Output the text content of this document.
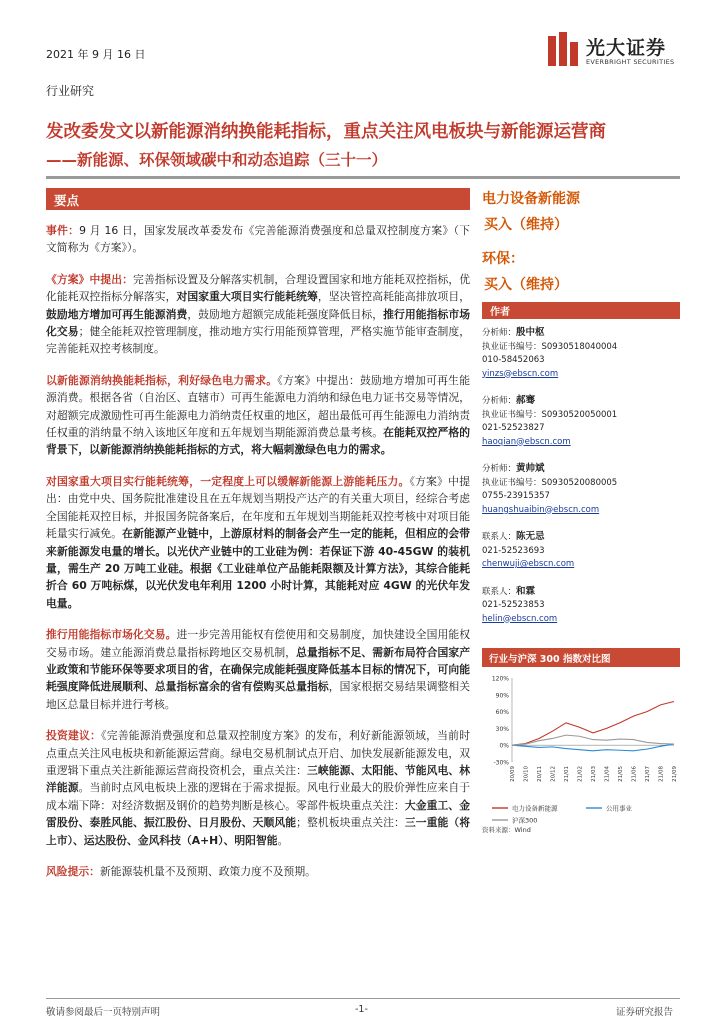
2021 年 9 月 16 日	光大证券
EVERBRIGHT SECURITIES
行业研究
发改委发文以新能源消纳换能耗指标，重点关注风电板块与新能源运营商
——新能源、环保领域碳中和动态追踪（三十一）
要点

事件：9 月 16 日，国家发展改革委发布《完善能源消费强度和总量双控制度方案》（下文简称为《方案》）。

《方案》中提出：完善指标设置及分解落实机制，合理设置国家和地方能耗双控指标，优化能耗双控指标分解落实，对国家重大项目实行能耗统筹，坚决管控高耗能高排放项目，鼓励地方增加可再生能源消费，鼓励地方超额完成能耗强度降低目标，推行用能指标市场化交易；健全能耗双控管理制度，推动地方实行用能预算管理，严格实施节能审查制度，完善能耗双控考核制度。

以新能源消纳换能耗指标，利好绿色电力需求。《方案》中提出：鼓励地方增加可再生能源消费。根据各省（自治区、直辖市）可再生能源电力消纳和绿色电力证书交易等情况，对超额完成激励性可再生能源电力消纳责任权重的地区，超出最低可再生能源电力消纳责任权重的消纳量不纳入该地区年度和五年规划当期能源消费总量考核。在能耗双控严格的背景下，以新能源消纳换能耗指标的方式，将大幅刺激绿色电力的需求。

对国家重大项目实行能耗统筹，一定程度上可以缓解新能源上游能耗压力。《方案》中提出：由党中央、国务院批准建设且在五年规划当期投产达产的有关重大项目，经综合考虑全国能耗双控目标，并报国务院备案后，在年度和五年规划当期能耗双控考核中对项目能耗量实行减免。在新能源产业链中，上游原材料的制备会产生一定的能耗，但相应的会带来新能源发电量的增长。以光伏产业链中的工业硅为例：若保证下游 40-45GW 的装机量，需生产 20 万吨工业硅。根据《工业硅单位产品能耗限额及计算方法》，其综合能耗折合 60 万吨标煤，以光伏发电年利用 1200 小时计算，其能耗对应 4GW 的光伏年发电量。

推行用能指标市场化交易。进一步完善用能权有偿使用和交易制度，加快建设全国用能权交易市场。建立能源消费总量指标跨地区交易机制，总量指标不足、需新布局符合国家产业政策和节能环保等要求项目的省，在确保完成能耗强度降低基本目标的情况下，可向能耗强度降低进展顺利、总量指标富余的省有偿购买总量指标，国家根据交易结果调整相关地区总量目标并进行考核。

投资建议：《完善能源消费强度和总量双控制度方案》的发布，利好新能源领域，当前时点重点关注风电板块和新能源运营商。绿电交易机制试点开启、加快发展新能源发电，双重逻辑下重点关注新能源运营商投资机会，重点关注：三峡能源、太阳能、节能风电、林洋能源。当前时点风电板块上涨的逻辑在于需求提振。风电行业最大的股价弹性应来自于成本端下降：对经济数据及钢价的趋势判断是核心。零部件板块重点关注：大金重工、金雷股份、泰胜风能、振江股份、日月股份、天顺风能；整机板块重点关注：三一重能（将上市）、运达股份、金风科技（A+H）、明阳智能。

风险提示：新能源装机量不及预期、政策力度不及预期。

电力设备新能源
买入（维持）
环保：
买入（维持）
作者
分析师：殷中枢
执业证书编号：S0930518040004
010-58452063
yinzs@ebscn.com
分析师：郝骞
执业证书编号：S0930520050001
021-52523827
haoqian@ebscn.com
分析师：黄帅斌
执业证书编号：S0930520080005
0755-23915357
huangshuaibin@ebscn.com
联系人：陈无忌
021-52523693
chenwuji@ebscn.com
联系人：和霖
021-52523853
helin@ebscn.com
行业与沪深 300 指数对比图
120%
90%
60%
30%
0%
-30%
20/09 20/10 20/11 20/12 21/01 21/02 21/03 21/04 21/05 21/06 21/07 21/08 21/09
电力设备新能源	公用事业
沪深300
资料来源：Wind
敬请参阅最后一页特别声明	-1-	证券研究报告
